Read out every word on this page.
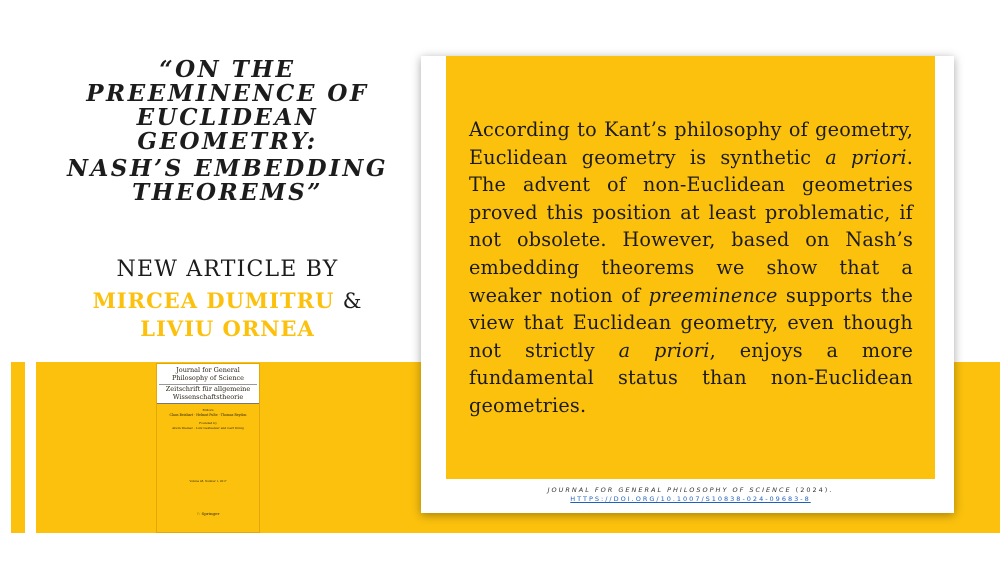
“ON THE
PREEMINENCE OF
EUCLIDEAN
GEOMETRY:
NASH’S EMBEDDING
THEOREMS”
NEW ARTICLE BY
MIRCEA DUMITRU &
LIVIU ORNEA
Journal for General Philosophy of Science
Zeitschrift für allgemeine Wissenschaftstheorie
Editors
Claus Beisbart · Helmut Pulte · Thomas Reydon
Founded by
Alwin Diemer · Lutz Geldsetzer and Gert König
Volume 48, Number 1, 2017
♘ Springer

According to Kant’s philosophy of geometry, Euclidean geometry is synthetic a priori. The advent of non-Euclidean geometries proved this position at least problematic, if not obsolete. However, based on Nash’s embedding theorems we show that a weaker notion of preeminence supports the view that Euclidean geometry, even though not strictly a priori, enjoys a more fundamental status than non-Euclidean geometries.

JOURNAL FOR GENERAL PHILOSOPHY OF SCIENCE (2024).
HTTPS://DOI.ORG/10.1007/S10838-024-09683-8
